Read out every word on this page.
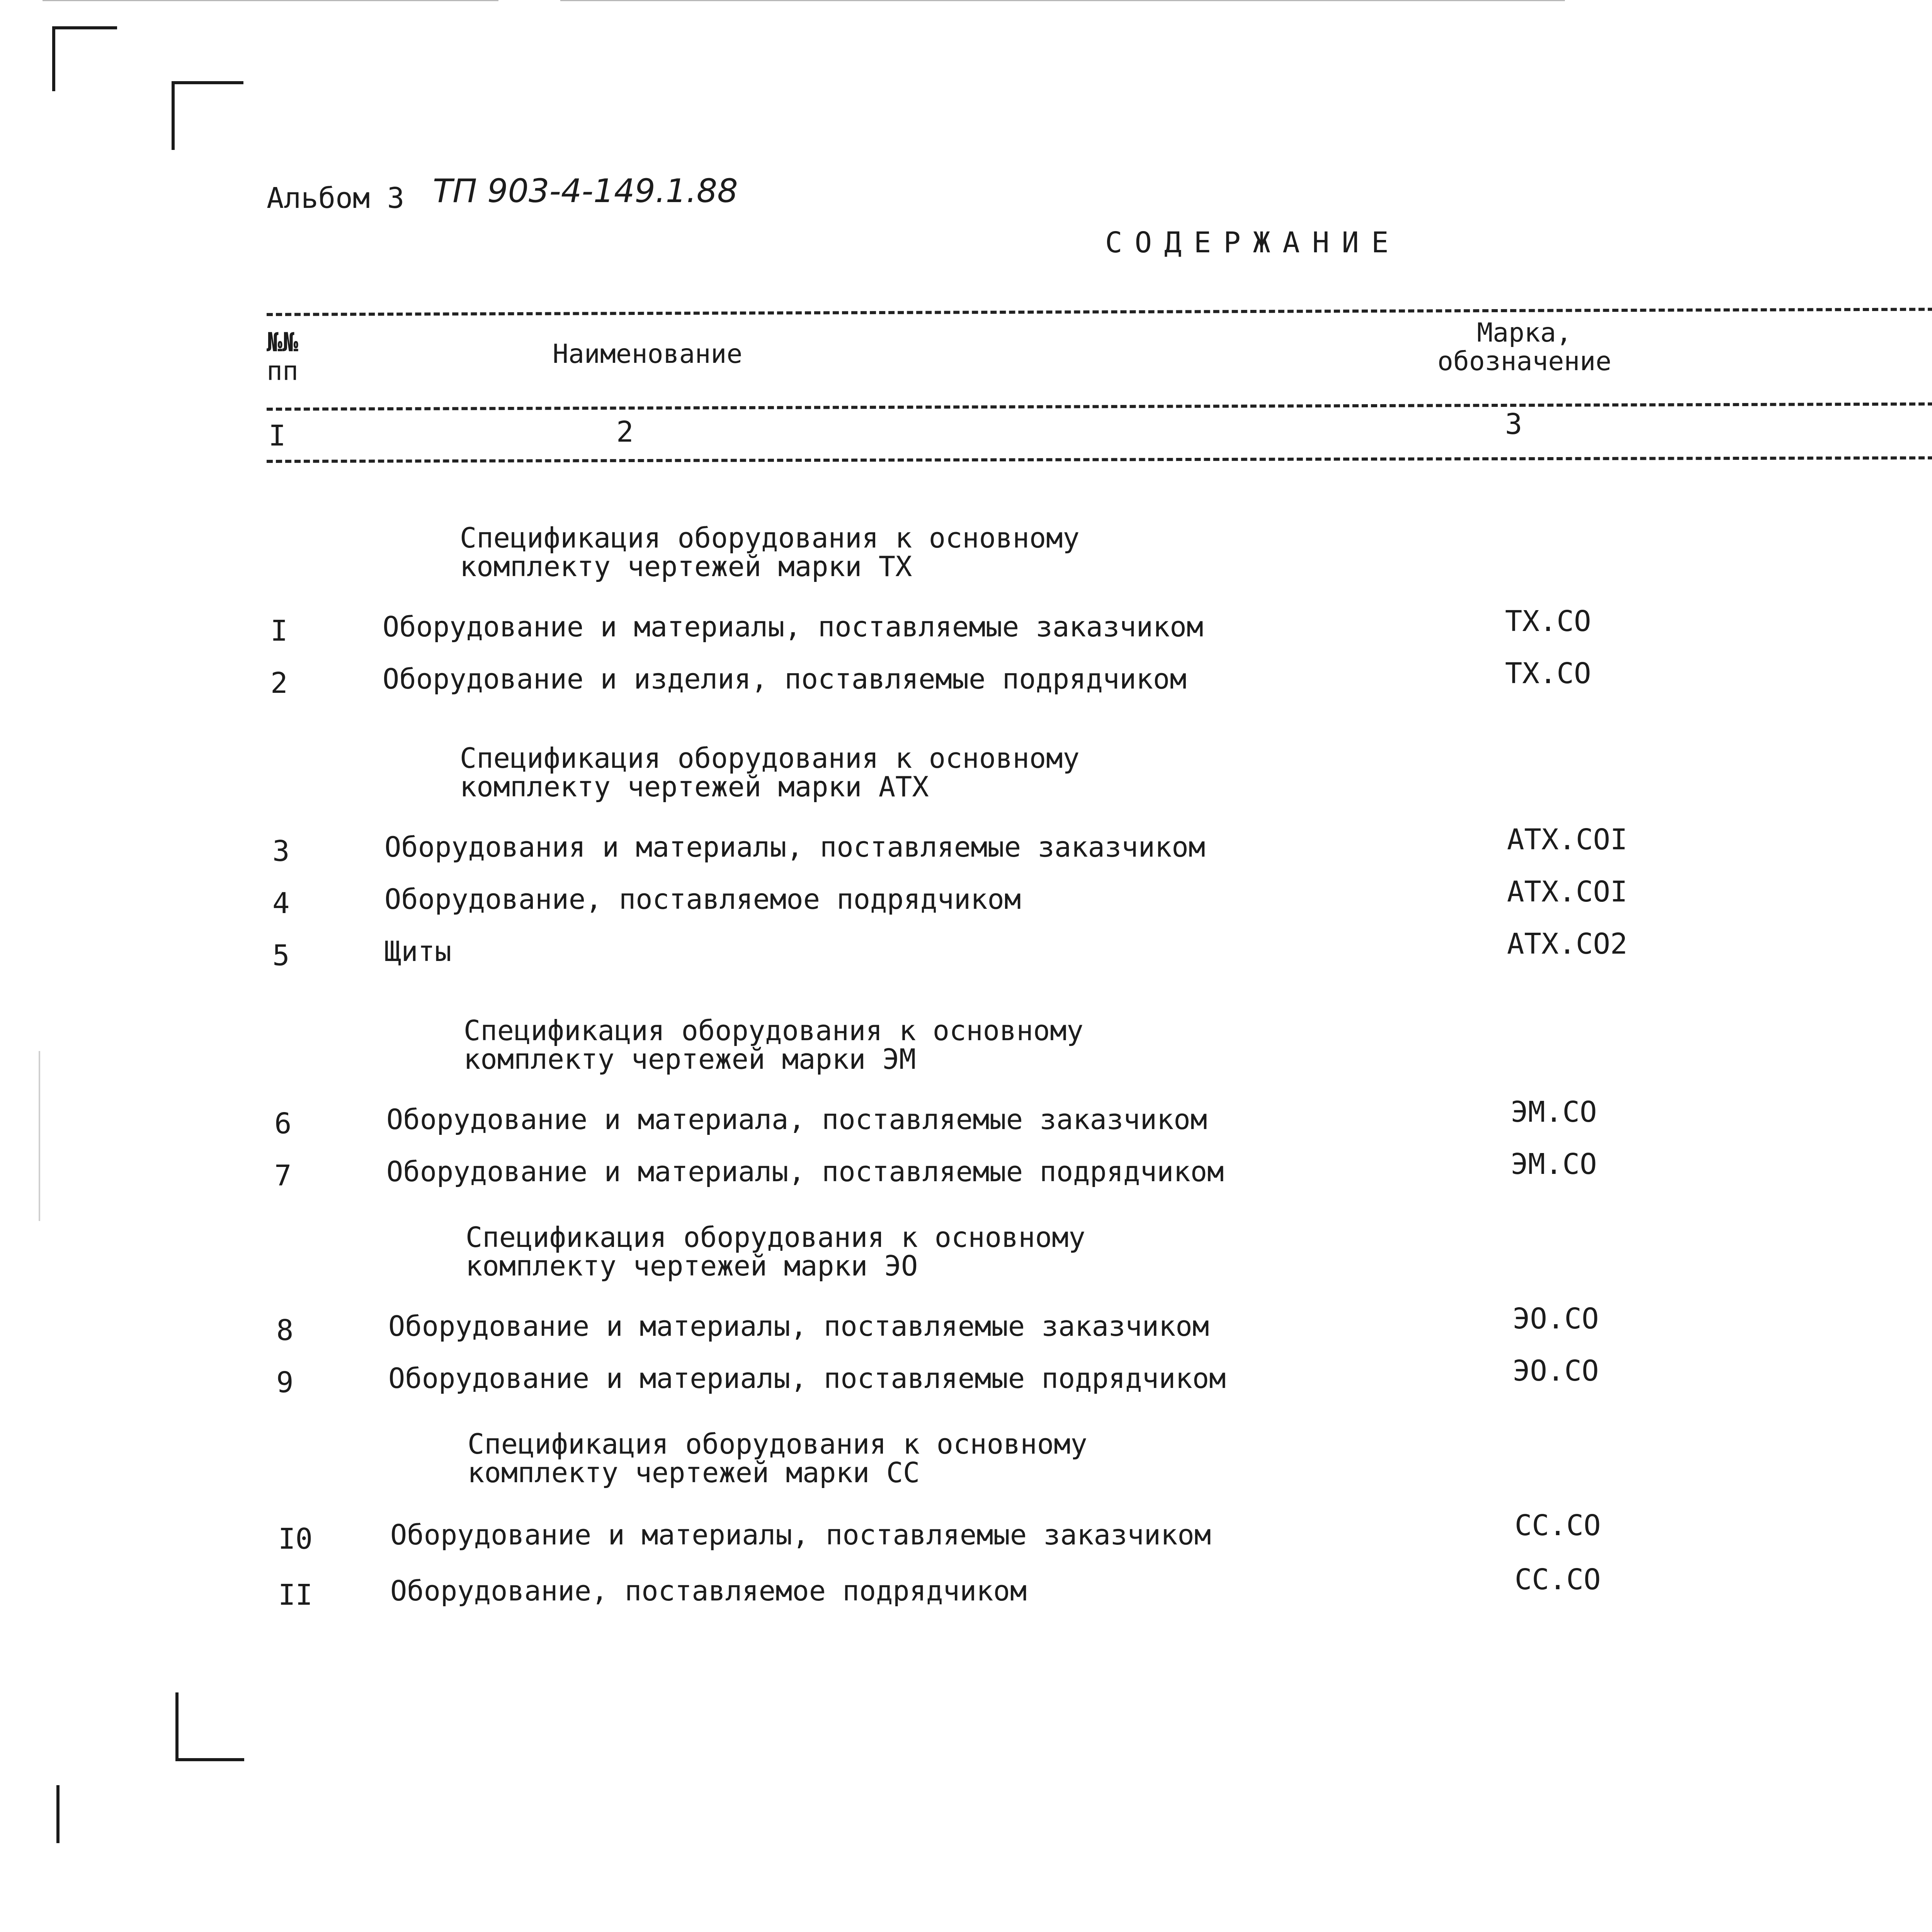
Альбом 3 ТП 903-4-149.1.88
СОДЕРЖАНИЕ
№№
пп
Наименование
Марка,
обозначение
I	2	3
Спецификация оборудования к основному
комплекту чертежей марки ТХ
I	Оборудование и материалы, поставляемые заказчиком	ТХ.СО
2	Оборудование и изделия, поставляемые подрядчиком	ТХ.СО
Спецификация оборудования к основному
комплекту чертежей марки АТХ
3	Оборудования и материалы, поставляемые заказчиком	АТХ.СОI
4	Оборудование, поставляемое подрядчиком	АТХ.СОI
5	Щиты	АТХ.СО2
Спецификация оборудования к основному
комплекту чертежей марки ЭМ
6	Оборудование и материала, поставляемые заказчиком	ЭМ.СО
7	Оборудование и материалы, поставляемые подрядчиком	ЭМ.СО
Спецификация оборудования к основному
комплекту чертежей марки ЭО
8	Оборудование и материалы, поставляемые заказчиком	ЭО.СО
9	Оборудование и материалы, поставляемые подрядчиком	ЭО.СО
Спецификация оборудования к основному
комплекту чертежей марки СС
I0	Оборудование и материалы, поставляемые заказчиком	СС.СО
II	Оборудование, поставляемое подрядчиком	СС.СО
